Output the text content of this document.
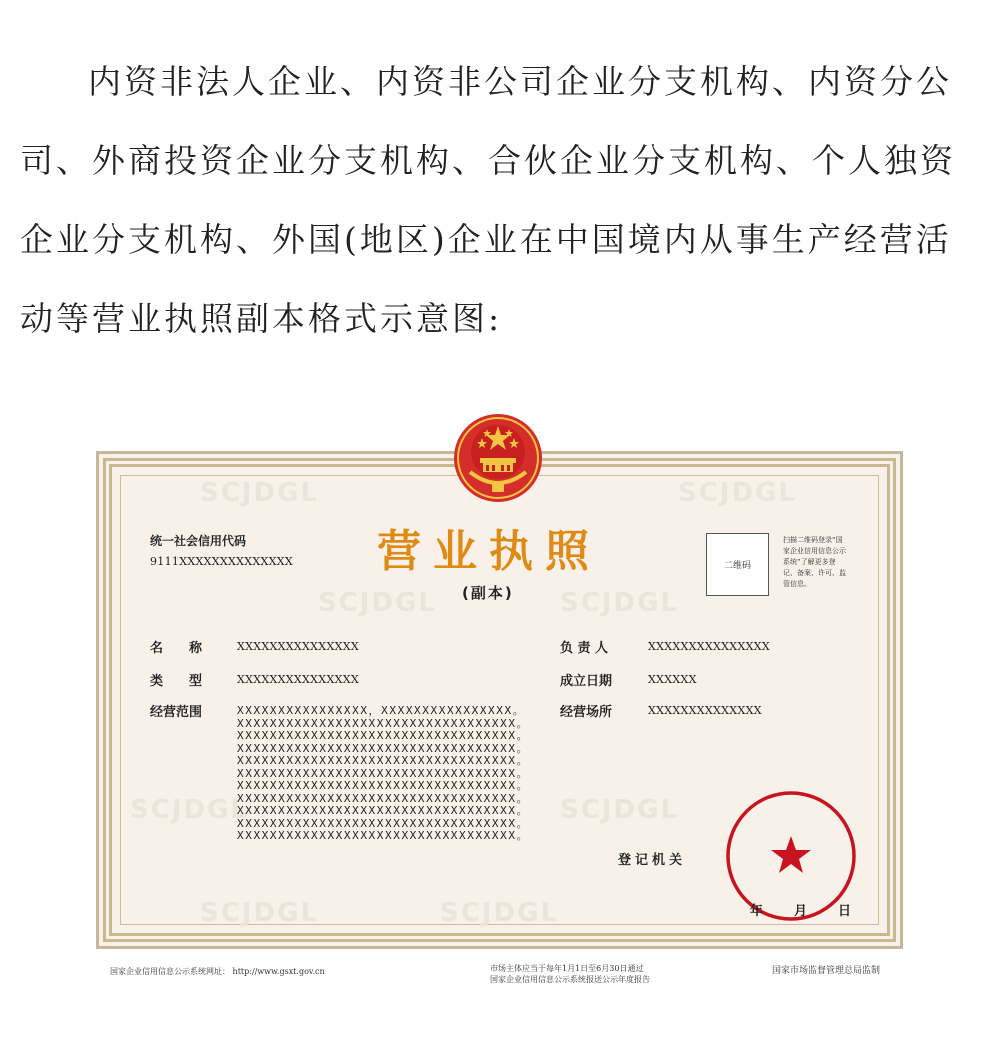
内资非法人企业、内资非公司企业分支机构、内资分公司、外商投资企业分支机构、合伙企业分支机构、个人独资企业分支机构、外国(地区)企业在中国境内从事生产经营活动等营业执照副本格式示意图:

SCJDGL	SCJDGL
SCJDGL	SCJDGL
SCJDGL	SCJDGL
SCJDGL	SCJDGL
统一社会信用代码
9111XXXXXXXXXXXXXX 营业执照
(副本)
二维码
扫描二维码登录“国家企业信用信息公示系统”了解更多登记、备案、许可、监管信息。
名　　称	XXXXXXXXXXXXXXX
类　　型	XXXXXXXXXXXXXXX
经营范围	XXXXXXXXXXXXXXXX，XXXXXXXXXXXXXXXX。
XXXXXXXXXXXXXXXXXXXXXXXXXXXXXXXXXX。
XXXXXXXXXXXXXXXXXXXXXXXXXXXXXXXXXX。
XXXXXXXXXXXXXXXXXXXXXXXXXXXXXXXXXX。
XXXXXXXXXXXXXXXXXXXXXXXXXXXXXXXXXX。
XXXXXXXXXXXXXXXXXXXXXXXXXXXXXXXXXX。
XXXXXXXXXXXXXXXXXXXXXXXXXXXXXXXXXX。
XXXXXXXXXXXXXXXXXXXXXXXXXXXXXXXXXX。
XXXXXXXXXXXXXXXXXXXXXXXXXXXXXXXXXX。
XXXXXXXXXXXXXXXXXXXXXXXXXXXXXXXXXX。
XXXXXXXXXXXXXXXXXXXXXXXXXXXXXXXXXX。
负 责 人	XXXXXXXXXXXXXXX
成立日期	XXXXXX
经营场所	XXXXXXXXXXXXXX
登记机关
年 月 日
国家企业信用信息公示系统网址： http://www.gsxt.gov.cn	市场主体应当于每年1月1日至6月30日通过
国家企业信用信息公示系统报送公示年度报告
国家市场监督管理总局监制
